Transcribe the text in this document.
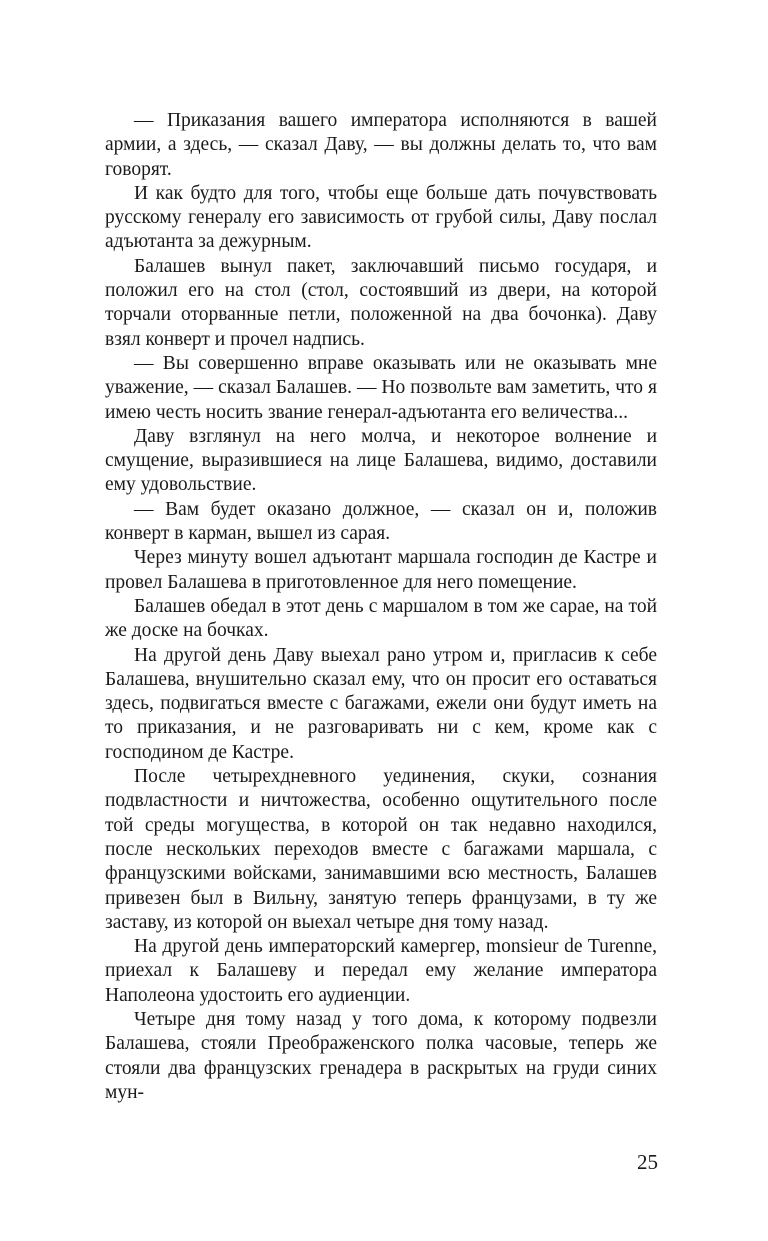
— Приказания вашего императора исполняются в вашей армии, а здесь, — сказал Даву, — вы должны делать то, что вам говорят.

И как будто для того, чтобы еще больше дать почувствовать русскому генералу его зависимость от грубой силы, Даву послал адъютанта за дежурным.

Балашев вынул пакет, заключавший письмо государя, и положил его на стол (стол, состоявший из двери, на которой торчали оторванные петли, положенной на два бочонка). Даву взял конверт и прочел надпись.

— Вы совершенно вправе оказывать или не оказывать мне уважение, — сказал Балашев. — Но позвольте вам заметить, что я имею честь носить звание генерал-адъютанта его величества...

Даву взглянул на него молча, и некоторое волнение и смущение, выразившиеся на лице Балашева, видимо, доставили ему удовольствие.

— Вам будет оказано должное, — сказал он и, положив конверт в карман, вышел из сарая.

Через минуту вошел адъютант маршала господин де Кастре и провел Балашева в приготовленное для него помещение.

Балашев обедал в этот день с маршалом в том же сарае, на той же доске на бочках.

На другой день Даву выехал рано утром и, пригласив к себе Балашева, внушительно сказал ему, что он просит его оставаться здесь, подвигаться вместе с багажами, ежели они будут иметь на то приказания, и не разговаривать ни с кем, кроме как с господином де Кастре.

После четырехдневного уединения, скуки, сознания подвластности и ничтожества, особенно ощутительного после той среды могущества, в которой он так недавно находился, после нескольких переходов вместе с багажами маршала, с французскими войсками, занимавшими всю местность, Балашев привезен был в Вильну, занятую теперь французами, в ту же заставу, из которой он выехал четыре дня тому назад.

На другой день императорский камергер, monsieur de Turenne, приехал к Балашеву и передал ему желание императора Наполеона удостоить его аудиенции.

Четыре дня тому назад у того дома, к которому подвезли Балашева, стояли Преображенского полка часовые, теперь же стояли два французских гренадера в раскрытых на груди синих мун-

25
